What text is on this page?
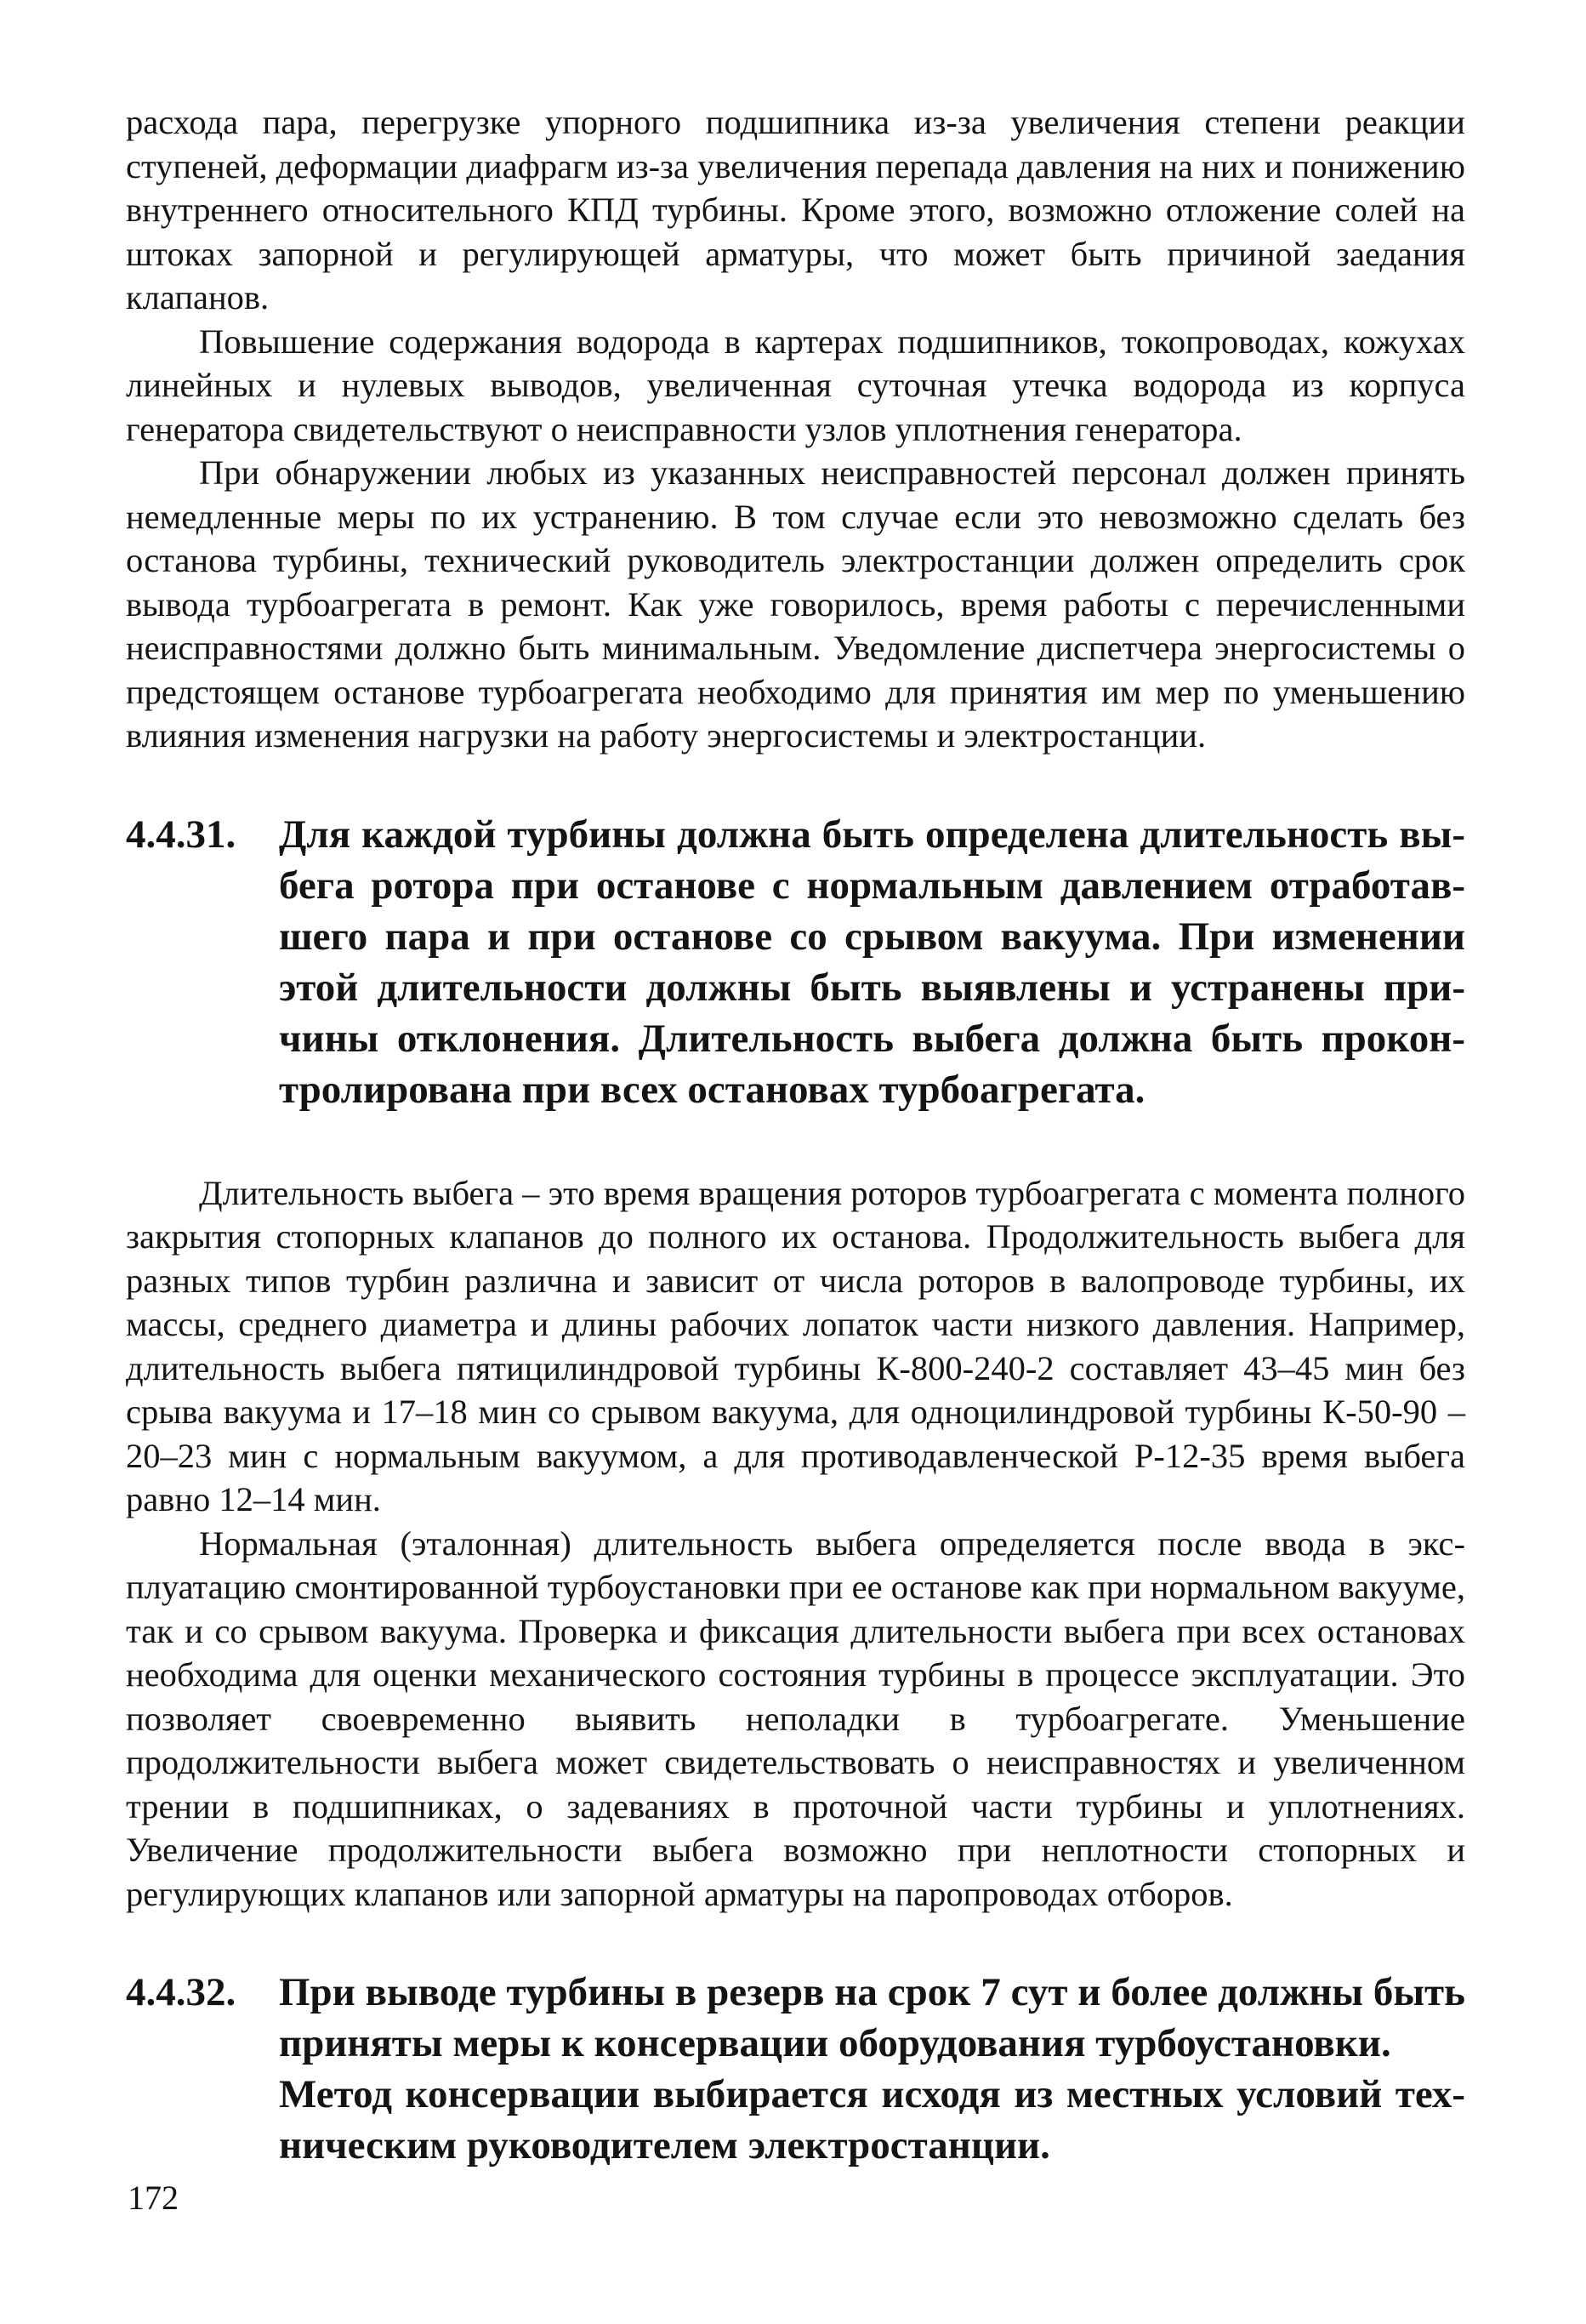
расхода пара, перегрузке упорного подшипника из-за увеличения степени реакции ступеней, деформации диафрагм из-за увеличения перепада давления на них и понижению внутреннего относительного КПД турбины. Кроме этого, возможно отложение солей на штоках запорной и регулирующей арматуры, что может быть причиной заедания клапанов.

Повышение содержания водорода в картерах подшипников, токопроводах, кожухах линейных и нулевых выводов, увеличенная суточная утечка водорода из корпуса генератора свидетельствуют о неисправности узлов уплотнения генератора.

При обнаружении любых из указанных неисправностей персонал должен принять немедленные меры по их устранению. В том случае если это невозможно сделать без останова турбины, технический руководитель электростанции должен определить срок вывода турбоагрегата в ремонт. Как уже говорилось, время работы с перечисленными неисправностями должно быть минимальным. Уведомление диспетчера энергосистемы о предстоящем останове турбоагрегата необходимо для принятия им мер по уменьшению влияния изменения нагрузки на работу энергосистемы и электростанции.

4.4.31.	Для каждой турбины должна быть определена длительность выбега ротора при останове с нормальным давлением отработавшего пара и при останове со срывом вакуума. При изменении этой длительности должны быть выявлены и устранены причины отклонения. Длительность выбега должна быть проконтролирована при всех остановах турбоагрегата.

Длительность выбега – это время вращения роторов турбоагрегата с момента полного закрытия стопорных клапанов до полного их останова. Продолжительность выбега для разных типов турбин различна и зависит от числа роторов в валопроводе турбины, их массы, среднего диаметра и длины рабочих лопаток части низкого давления. Например, длительность выбега пятицилиндровой турбины К-800-240-2 составляет 43–45 мин без срыва вакуума и 17–18 мин со срывом вакуума, для одноцилиндровой турбины К-50-90 – 20–23 мин с нормальным вакуумом, а для противодавленческой Р-12-35 время выбега равно 12–14 мин.

Нормальная (эталонная) длительность выбега определяется после ввода в эксплуатацию смонтированной турбоустановки при ее останове как при нормальном вакууме, так и со срывом вакуума. Проверка и фиксация длительности выбега при всех остановах необходима для оценки механического состояния турбины в процессе эксплуатации. Это позволяет своевременно выявить неполадки в турбоагрегате. Уменьшение продолжительности выбега может свидетельствовать о неисправностях и увеличенном трении в подшипниках, о задеваниях в проточной части турбины и уплотнениях. Увеличение продолжительности выбега возможно при неплотности стопорных и регулирующих клапанов или запорной арматуры на паропроводах отборов.

4.4.32.	При выводе турбины в резерв на срок 7 сут и более должны быть приняты меры к консервации оборудования турбоустановки.

Метод консервации выбирается исходя из местных условий техническим руководителем электростанции.

172
